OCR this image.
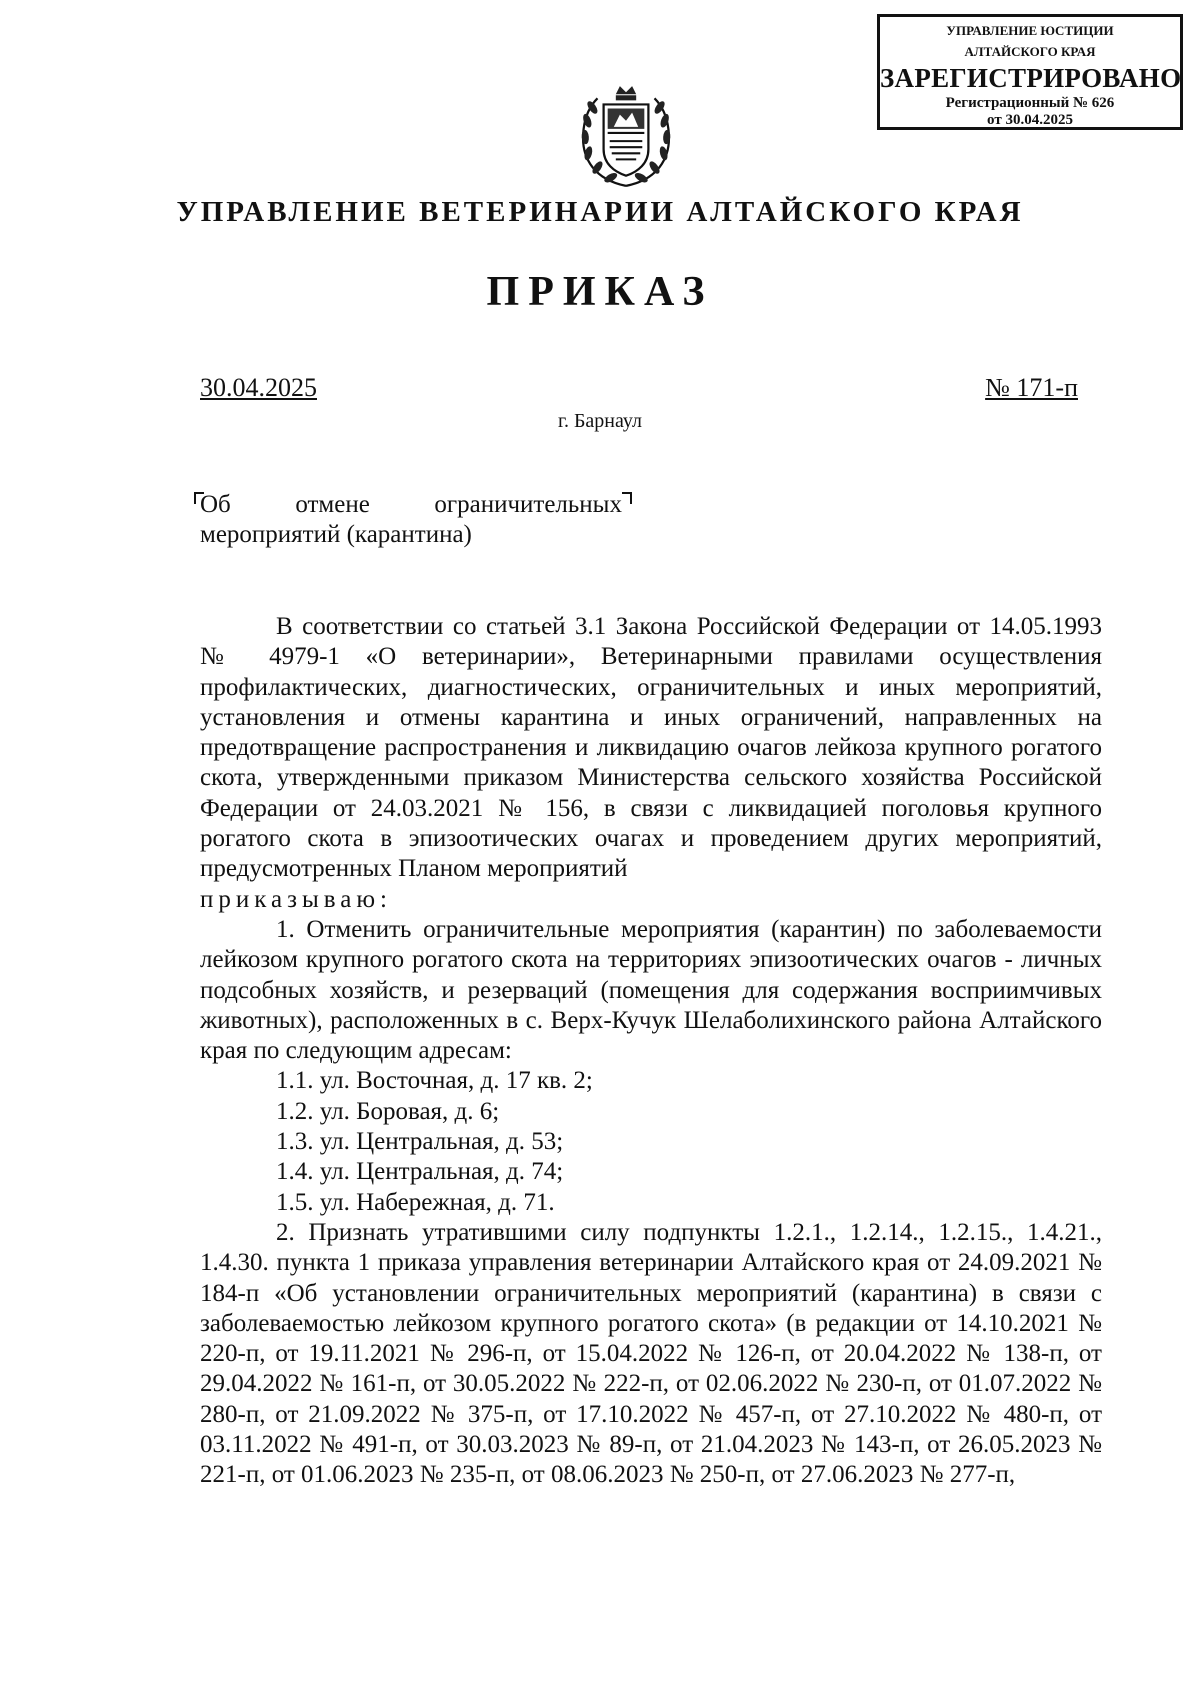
УПРАВЛЕНИЕ ЮСТИЦИИ
АЛТАЙСКОГО КРАЯ
ЗАРЕГИСТРИРОВАНО
Регистрационный № 626
от 30.04.2025
УПРАВЛЕНИЕ ВЕТЕРИНАРИИ АЛТАЙСКОГО КРАЯ
ПРИКАЗ
30.04.2025	№ 171-п
г. Барнаул
Об	отмене	ограничительных
мероприятий (карантина)

В соответствии со статьей 3.1 Закона Российской Федерации от 14.05.1993 № 4979-1 «О ветеринарии», Ветеринарными правилами осуществления профилактических, диагностических, ограничительных и иных мероприятий, установления и отмены карантина и иных ограничений, направленных на предотвращение распространения и ликвидацию очагов лейкоза крупного рогатого скота, утвержденными приказом Министерства сельского хозяйства Российской Федерации от 24.03.2021 № 156, в связи с ликвидацией поголовья крупного рогатого скота в эпизоотических очагах и проведением других мероприятий, предусмотренных Планом мероприятий

приказываю:

1. Отменить ограничительные мероприятия (карантин) по заболеваемости лейкозом крупного рогатого скота на территориях эпизоотических очагов - личных подсобных хозяйств, и резерваций (помещения для содержания восприимчивых животных), расположенных в с. Верх-Кучук Шелаболихинского района Алтайского края по следующим адресам:

1.1. ул. Восточная, д. 17 кв. 2;

1.2. ул. Боровая, д. 6;

1.3. ул. Центральная, д. 53;

1.4. ул. Центральная, д. 74;

1.5. ул. Набережная, д. 71.

2. Признать утратившими силу подпункты 1.2.1., 1.2.14., 1.2.15., 1.4.21., 1.4.30. пункта 1 приказа управления ветеринарии Алтайского края от 24.09.2021 № 184-п «Об установлении ограничительных мероприятий (карантина) в связи с заболеваемостью лейкозом крупного рогатого скота» (в редакции от 14.10.2021 № 220-п, от 19.11.2021 № 296-п, от 15.04.2022 № 126-п, от 20.04.2022 № 138-п, от 29.04.2022 № 161-п, от 30.05.2022 № 222-п, от 02.06.2022 № 230-п, от 01.07.2022 № 280-п, от 21.09.2022 № 375-п, от 17.10.2022 № 457-п, от 27.10.2022 № 480-п, от 03.11.2022 № 491-п, от 30.03.2023 № 89-п, от 21.04.2023 № 143-п, от 26.05.2023 № 221-п, от 01.06.2023 № 235-п, от 08.06.2023 № 250-п, от 27.06.2023 № 277-п,
